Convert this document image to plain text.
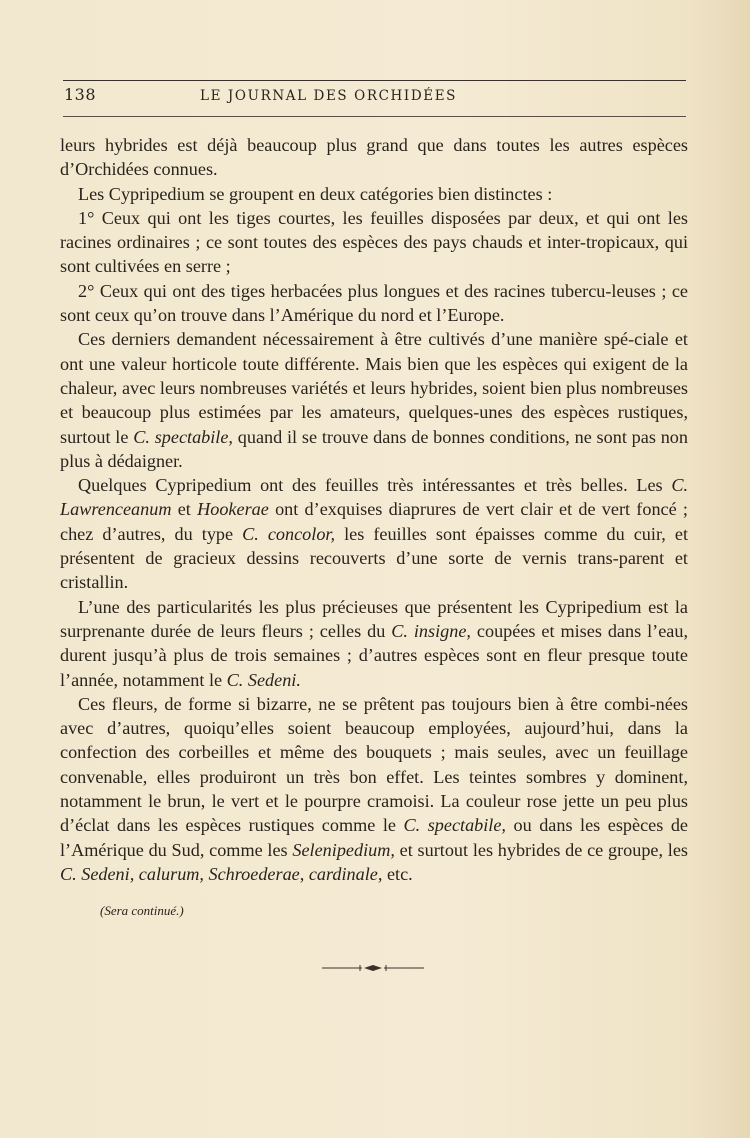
138	LE JOURNAL DES ORCHIDÉES

leurs hybrides est déjà beaucoup plus grand que dans toutes les autres espèces d’Orchidées connues.

Les Cypripedium se groupent en deux catégories bien distinctes :

1° Ceux qui ont les tiges courtes, les feuilles disposées par deux, et qui ont les racines ordinaires ; ce sont toutes des espèces des pays chauds et inter-tropicaux, qui sont cultivées en serre ;

2° Ceux qui ont des tiges herbacées plus longues et des racines tubercu-leuses ; ce sont ceux qu’on trouve dans l’Amérique du nord et l’Europe.

Ces derniers demandent nécessairement à être cultivés d’une manière spé-ciale et ont une valeur horticole toute différente. Mais bien que les espèces qui exigent de la chaleur, avec leurs nombreuses variétés et leurs hybrides, soient bien plus nombreuses et beaucoup plus estimées par les amateurs, quelques-unes des espèces rustiques, surtout le C. spectabile, quand il se trouve dans de bonnes conditions, ne sont pas non plus à dédaigner.

Quelques Cypripedium ont des feuilles très intéressantes et très belles. Les C. Lawrenceanum et Hookerae ont d’exquises diaprures de vert clair et de vert foncé ; chez d’autres, du type C. concolor, les feuilles sont épaisses comme du cuir, et présentent de gracieux dessins recouverts d’une sorte de vernis trans-parent et cristallin.

L’une des particularités les plus précieuses que présentent les Cypripedium est la surprenante durée de leurs fleurs ; celles du C. insigne, coupées et mises dans l’eau, durent jusqu’à plus de trois semaines ; d’autres espèces sont en fleur presque toute l’année, notamment le C. Sedeni.

Ces fleurs, de forme si bizarre, ne se prêtent pas toujours bien à être combi-nées avec d’autres, quoiqu’elles soient beaucoup employées, aujourd’hui, dans la confection des corbeilles et même des bouquets ; mais seules, avec un feuillage convenable, elles produiront un très bon effet. Les teintes sombres y dominent, notamment le brun, le vert et le pourpre cramoisi. La couleur rose jette un peu plus d’éclat dans les espèces rustiques comme le C. spectabile, ou dans les espèces de l’Amérique du Sud, comme les Selenipedium, et surtout les hybrides de ce groupe, les C. Sedeni, calurum, Schroederae, cardinale, etc.

(Sera continué.)
